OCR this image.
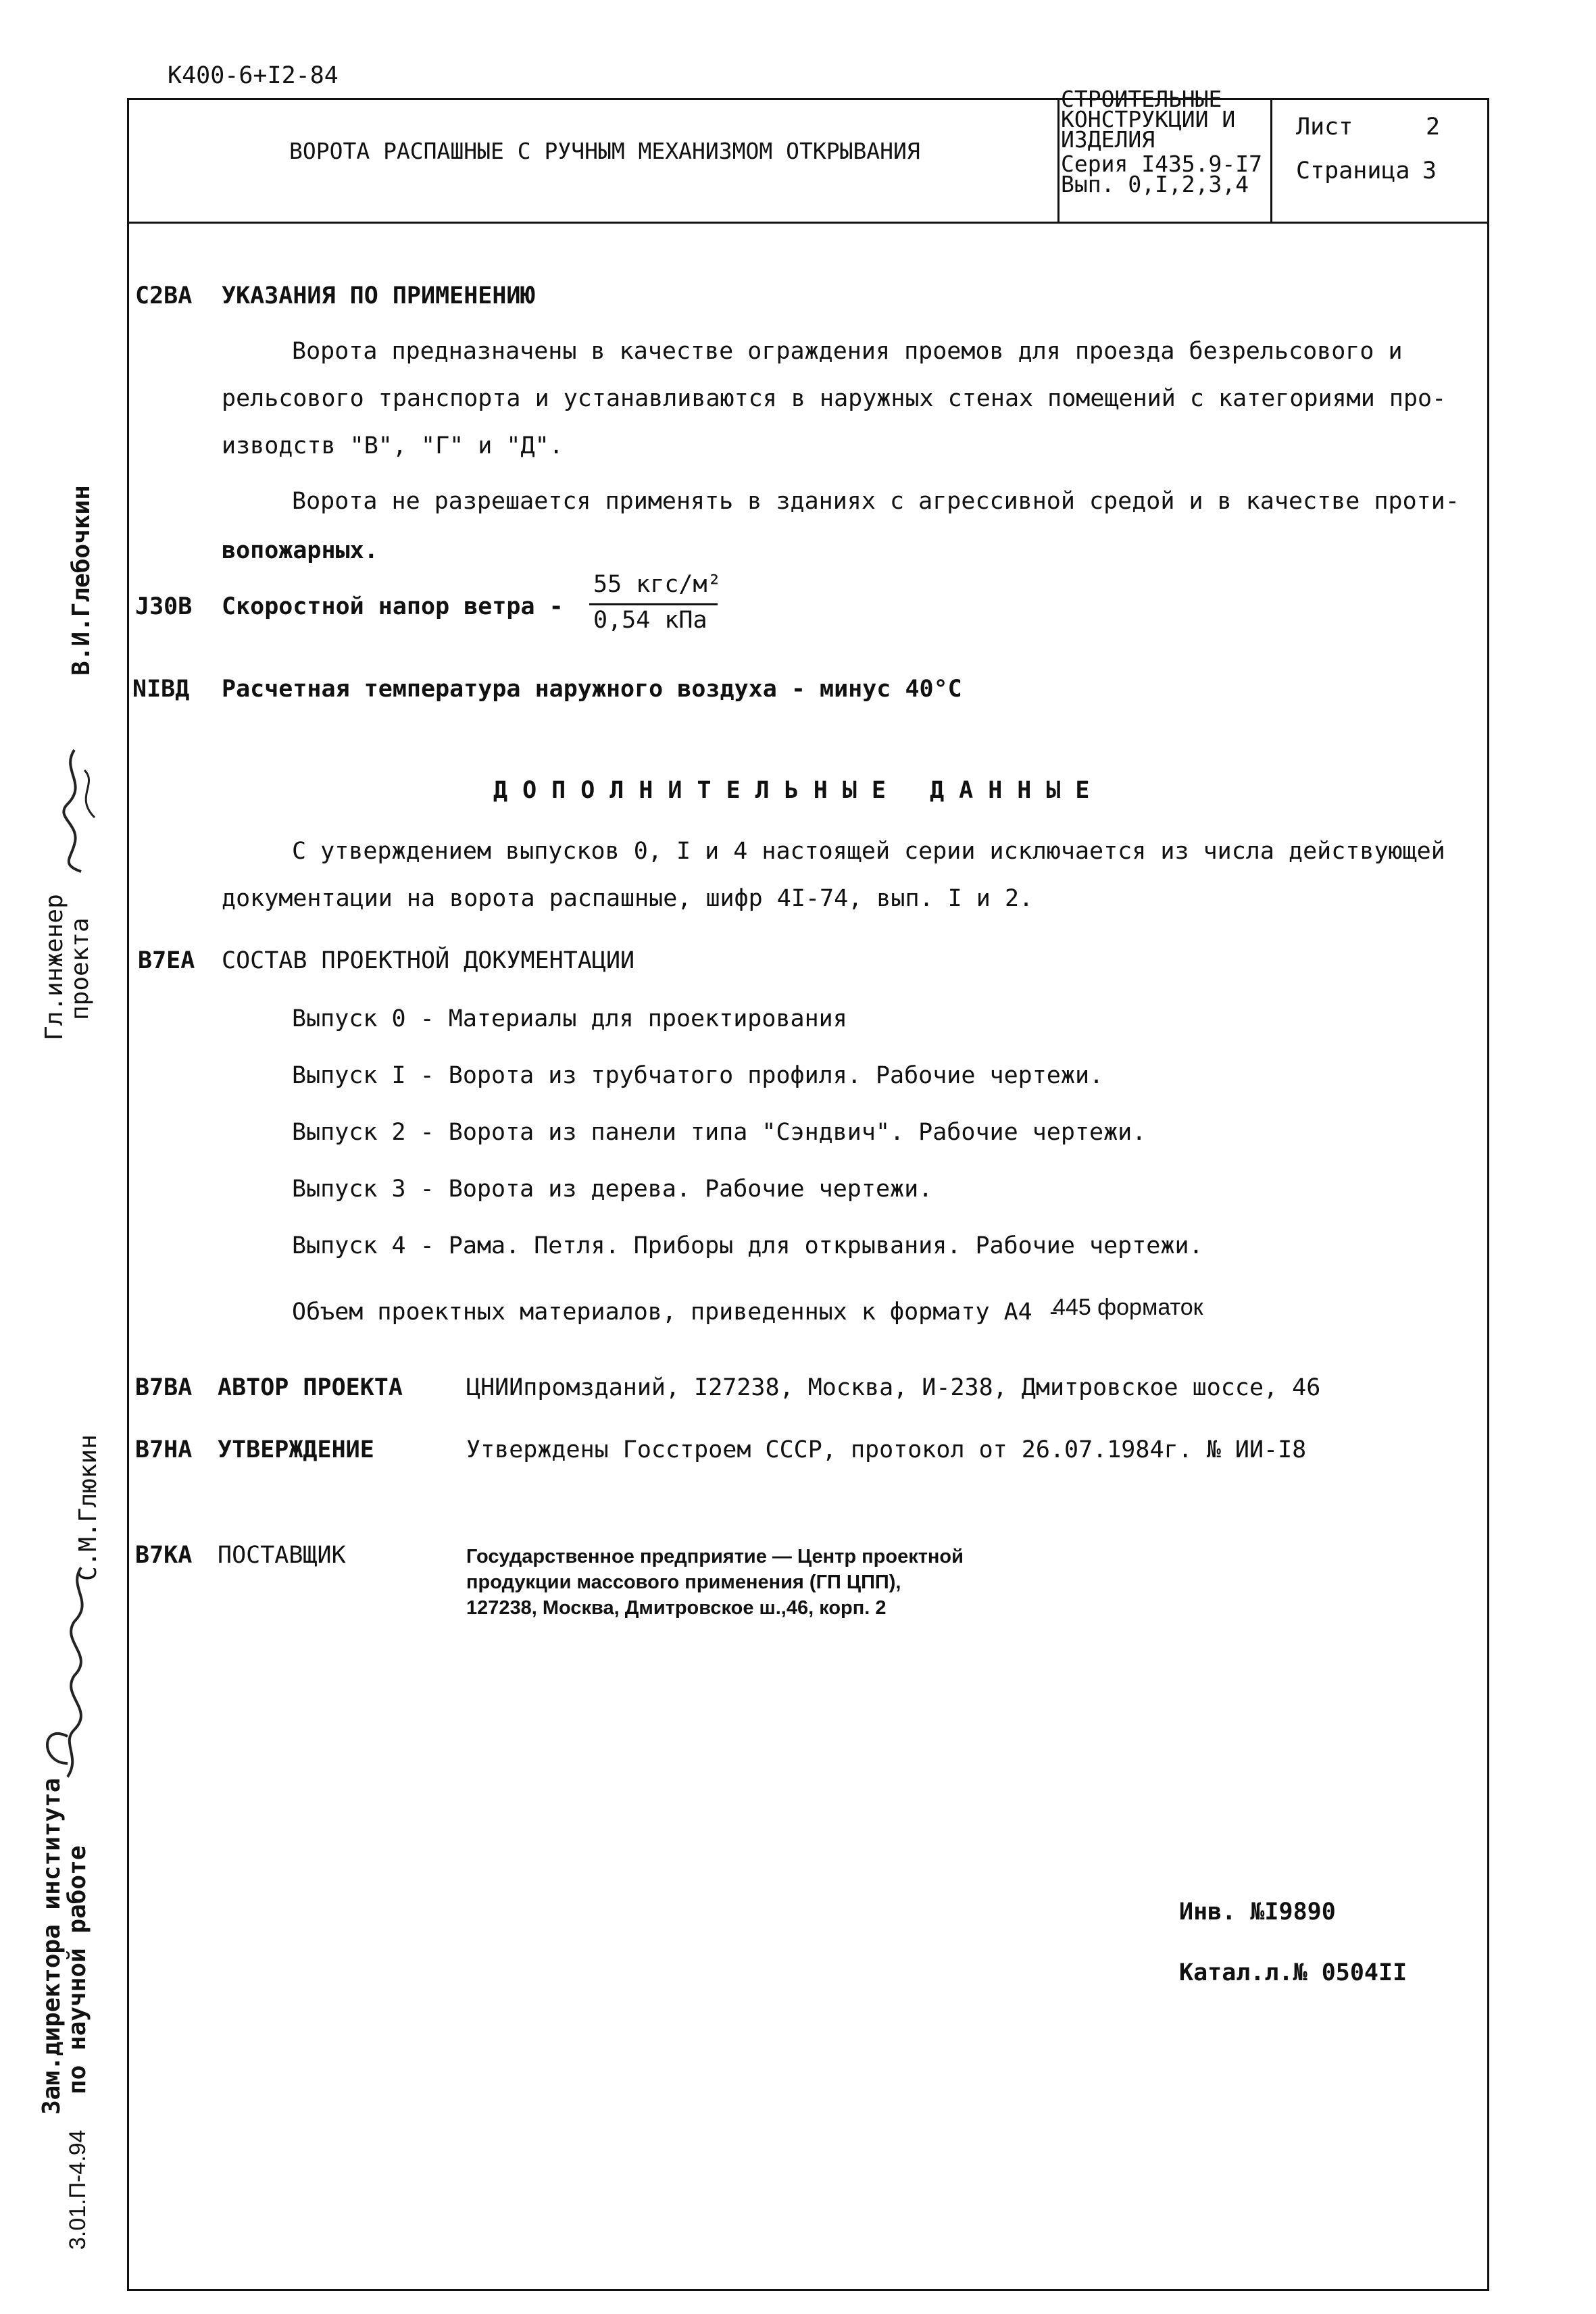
К400-6+I2-84
ВОРОТА РАСПАШНЫЕ С РУЧНЫМ МЕХАНИЗМОМ ОТКРЫВАНИЯ
СТРОИТЕЛЬНЫЕ
КОНСТРУКЦИИ И
ИЗДЕЛИЯ
Серия I435.9-I7
Вып. 0,I,2,3,4
Лист	2
Страница 3
С2ВА УКАЗАНИЯ ПО ПРИМЕНЕНИЮ
Ворота предназначены в качестве ограждения проемов для проезда безрельсового и
рельсового транспорта и устанавливаются в наружных стенах помещений с категориями про-
изводств "В", "Г" и "Д".
Ворота не разрешается применять в зданиях с агрессивной средой и в качестве проти-
вопожарных.
J30В Скоростной напор ветра -
55 кгс/м²
0,54 кПа
NIВД Расчетная температура наружного воздуха - минус 40°С
ДОПОЛНИТЕЛЬНЫЕ ДАННЫЕ
С утверждением выпусков 0, I и 4 настоящей серии исключается из числа действующей
документации на ворота распашные, шифр 4I-74, вып. I и 2.
В7ЕА СОСТАВ ПРОЕКТНОЙ ДОКУМЕНТАЦИИ
Выпуск 0 - Материалы для проектирования
Выпуск I - Ворота из трубчатого профиля. Рабочие чертежи.
Выпуск 2 - Ворота из панели типа "Сэндвич". Рабочие чертежи.
Выпуск 3 - Ворота из дерева. Рабочие чертежи.
Выпуск 4 - Рама. Петля. Приборы для открывания. Рабочие чертежи.
Объем проектных материалов, приведенных к формату А4 -
445 форматок
В7ВА АВТОР ПРОЕКТА	ЦНИИпромзданий, I27238, Москва, И-238, Дмитровское шоссе, 46
В7НА УТВЕРЖДЕНИЕ	Утверждены Госстроем СССР, протокол от 26.07.1984г. № ИИ-I8
В7КА ПОСТАВЩИК	Государственное предприятие — Центр проектной
продукции массового применения (ГП ЦПП),
127238, Москва, Дмитровское ш.,46, корп. 2
Инв. №I9890
Катал.л.№ 0504II
В.И.Глебочкин
Гл.инженер
проекта
С.М.Глюкин
Зам.директора института
по научной работе
3.01.П-4.94
